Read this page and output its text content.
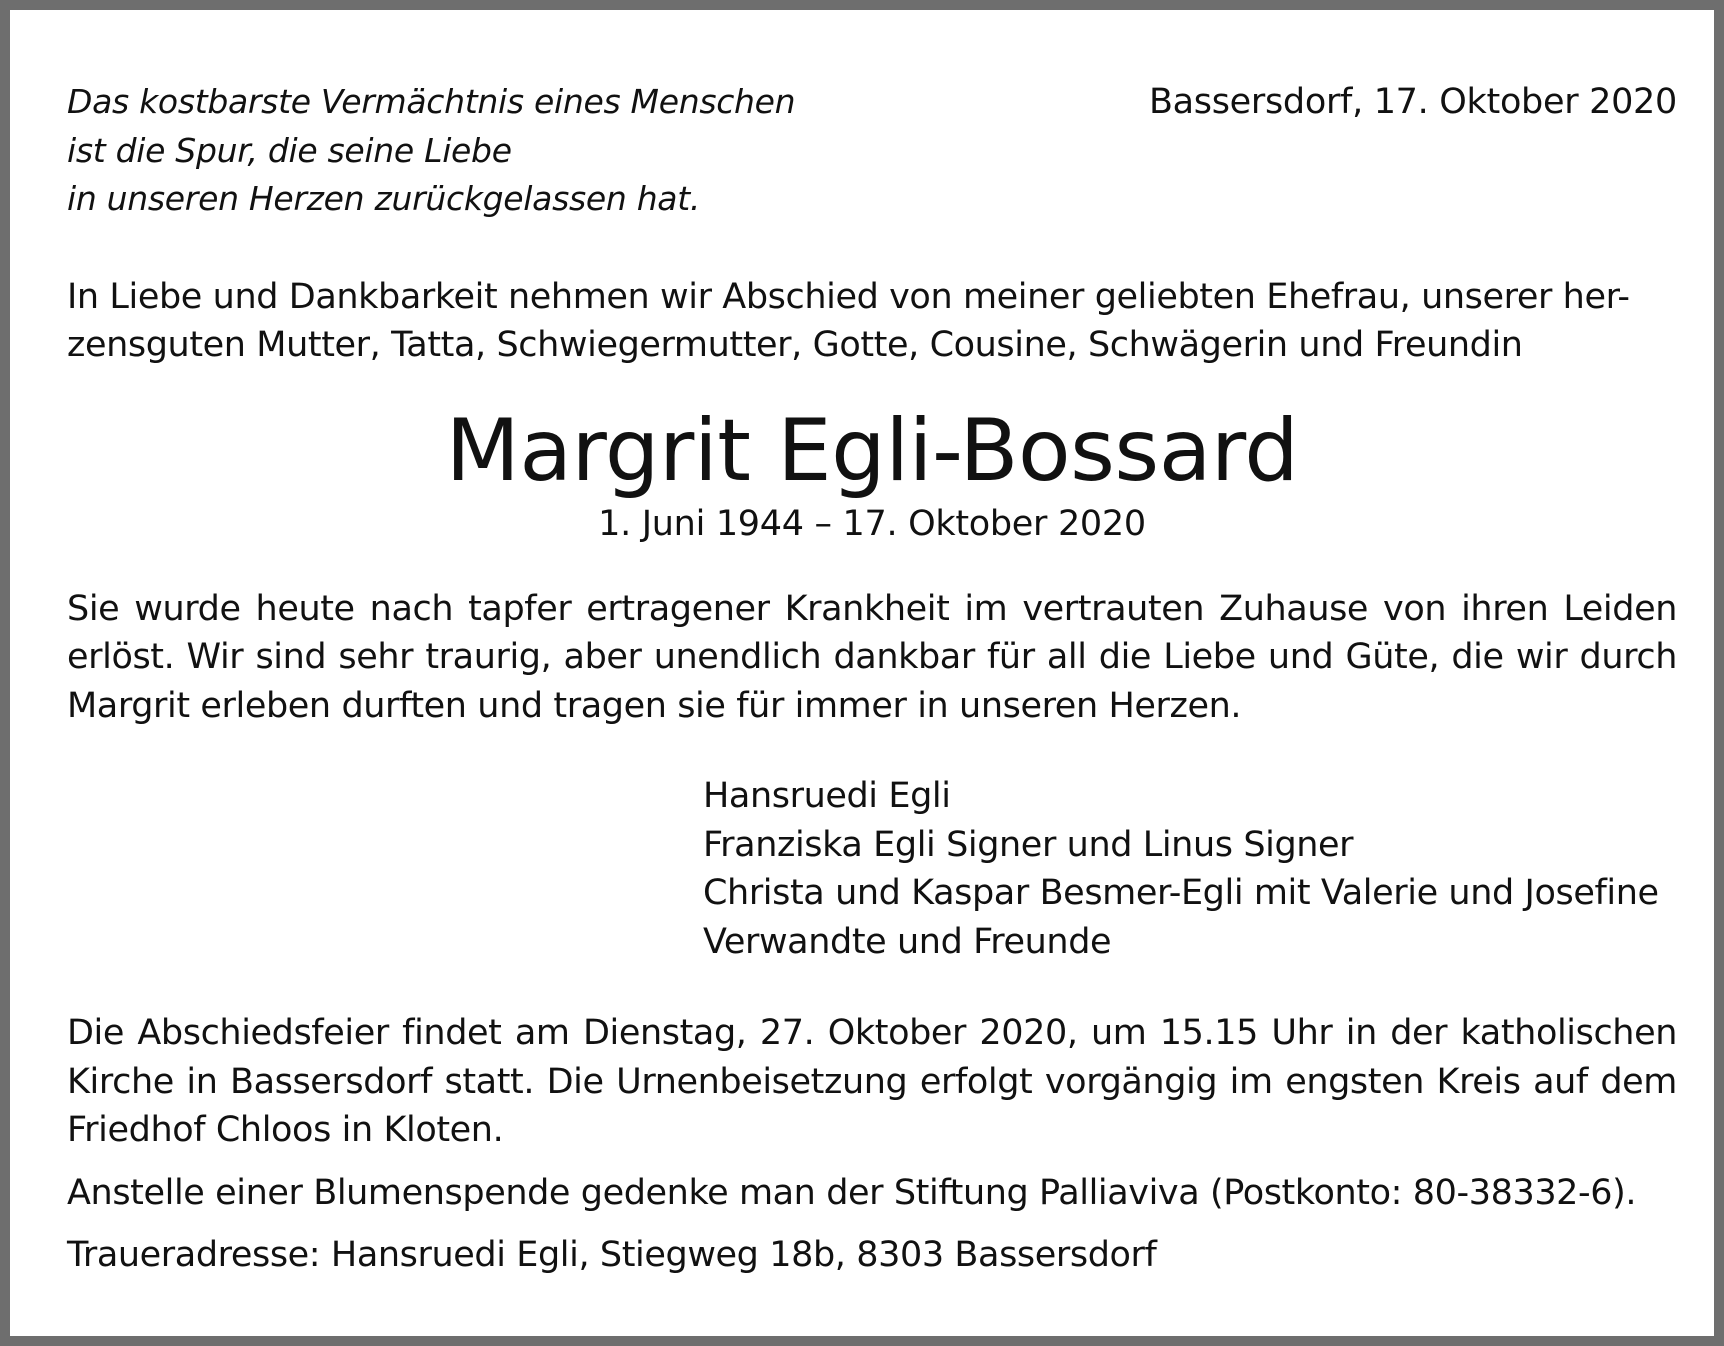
Das kostbarste Vermächtnis eines Menschen
ist die Spur, die seine Liebe
in unseren Herzen zurückgelassen hat.
Bassersdorf, 17. Oktober 2020
In Liebe und Dankbarkeit nehmen wir Abschied von meiner geliebten Ehefrau, unserer her-
zensguten Mutter, Tatta, Schwiegermutter, Gotte, Cousine, Schwägerin und Freundin
Margrit Egli-Bossard
1. Juni 1944 – 17. Oktober 2020
Sie wurde heute nach tapfer ertragener Krankheit im vertrauten Zuhause von ihren Leiden
erlöst. Wir sind sehr traurig, aber unendlich dankbar für all die Liebe und Güte, die wir durch
Margrit erleben durften und tragen sie für immer in unseren Herzen.
Hansruedi Egli
Franziska Egli Signer und Linus Signer
Christa und Kaspar Besmer-Egli mit Valerie und Josefine
Verwandte und Freunde
Die Abschiedsfeier findet am Dienstag, 27. Oktober 2020, um 15.15 Uhr in der katholischen
Kirche in Bassersdorf statt. Die Urnenbeisetzung erfolgt vorgängig im engsten Kreis auf dem
Friedhof Chloos in Kloten.
Anstelle einer Blumenspende gedenke man der Stiftung Palliaviva (Postkonto: 80-38332-6).
Traueradresse: Hansruedi Egli, Stiegweg 18b, 8303 Bassersdorf
